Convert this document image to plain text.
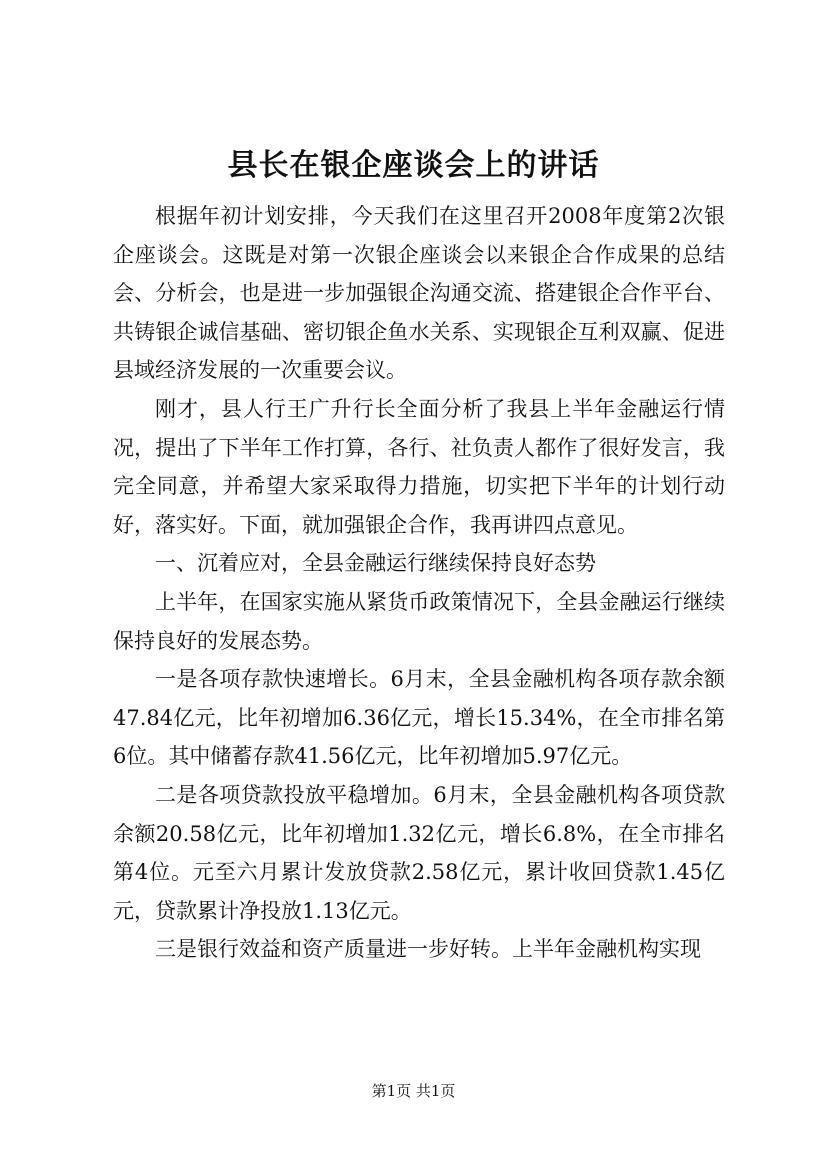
县长在银企座谈会上的讲话

根据年初计划安排，今天我们在这里召开2008年度第2次银企座谈会。这既是对第一次银企座谈会以来银企合作成果的总结会、分析会，也是进一步加强银企沟通交流、搭建银企合作平台、共铸银企诚信基础、密切银企鱼水关系、实现银企互利双赢、促进县域经济发展的一次重要会议。

刚才，县人行王广升行长全面分析了我县上半年金融运行情况，提出了下半年工作打算，各行、社负责人都作了很好发言，我完全同意，并希望大家采取得力措施，切实把下半年的计划行动好，落实好。下面，就加强银企合作，我再讲四点意见。

一、沉着应对，全县金融运行继续保持良好态势

上半年，在国家实施从紧货币政策情况下，全县金融运行继续保持良好的发展态势。

一是各项存款快速增长。6月末，全县金融机构各项存款余额47.84亿元，比年初增加6.36亿元，增长15.34%，在全市排名第6位。其中储蓄存款41.56亿元，比年初增加5.97亿元。

二是各项贷款投放平稳增加。6月末，全县金融机构各项贷款余额20.58亿元，比年初增加1.32亿元，增长6.8%，在全市排名第4位。元至六月累计发放贷款2.58亿元，累计收回贷款1.45亿元，贷款累计净投放1.13亿元。

三是银行效益和资产质量进一步好转。上半年金融机构实现

第1页 共1页
